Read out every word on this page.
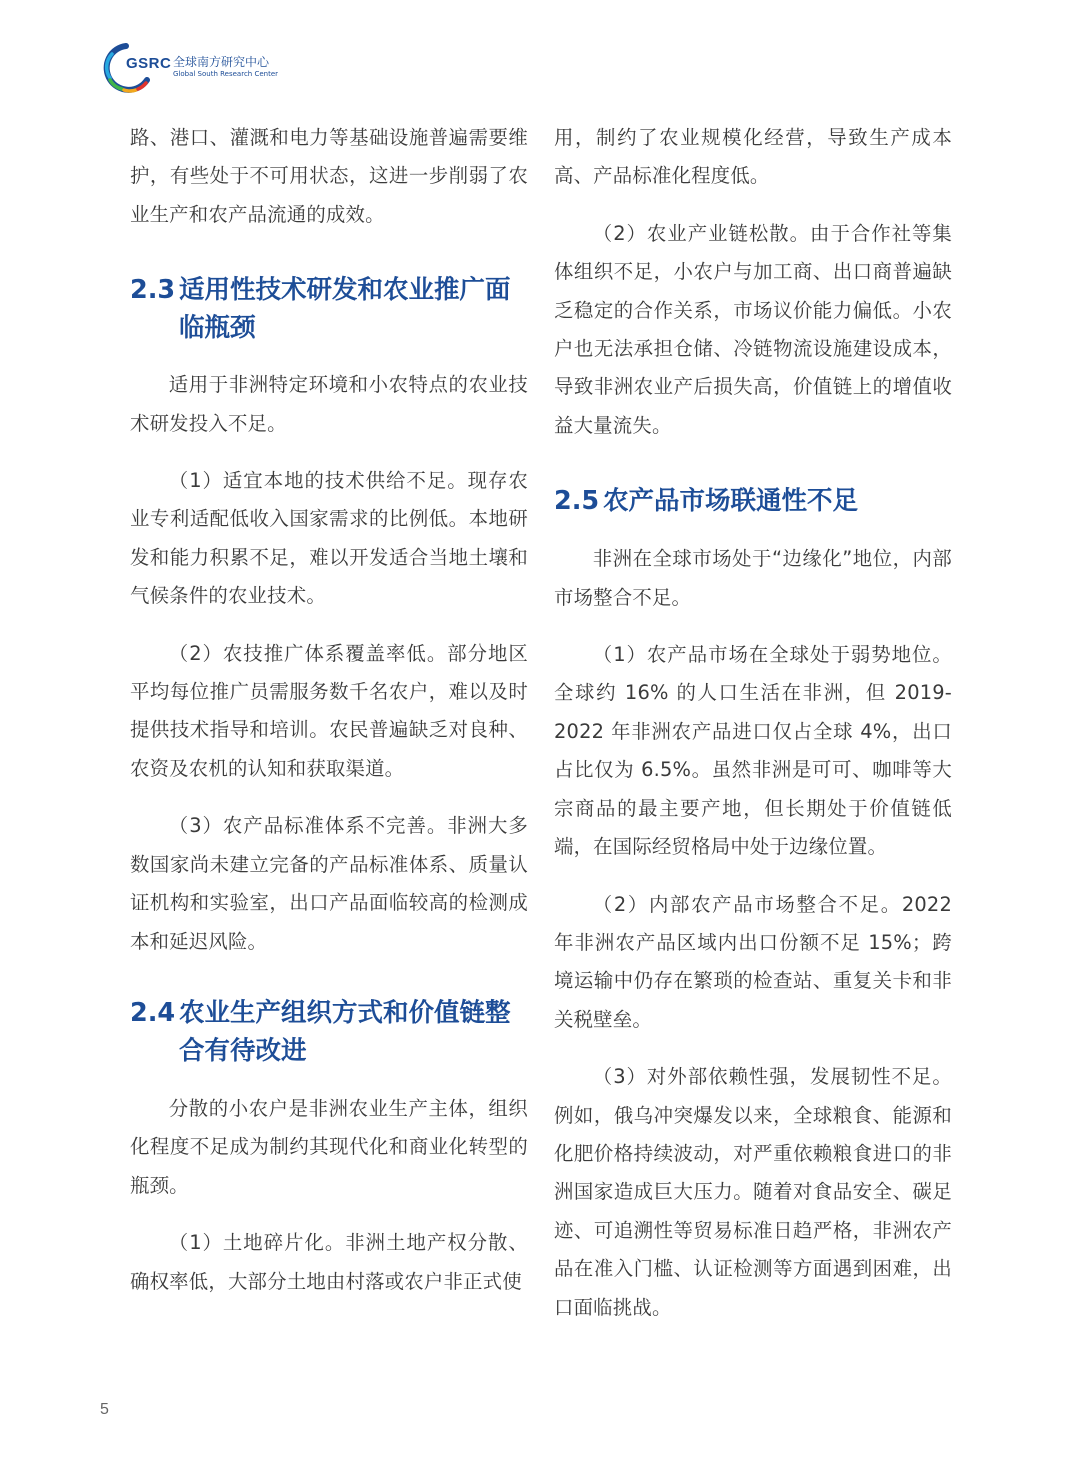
GSRC 全球南方研究中心
Global South Research Center

路、港口、灌溉和电力等基础设施普遍需要维护，有些处于不可用状态，这进一步削弱了农业生产和农产品流通的成效。

2.3 适用性技术研发和农业推广面临瓶颈

适用于非洲特定环境和小农特点的农业技术研发投入不足。

（1）适宜本地的技术供给不足。现存农业专利适配低收入国家需求的比例低。本地研发和能力积累不足，难以开发适合当地土壤和气候条件的农业技术。

（2）农技推广体系覆盖率低。部分地区平均每位推广员需服务数千名农户，难以及时提供技术指导和培训。农民普遍缺乏对良种、农资及农机的认知和获取渠道。

（3）农产品标准体系不完善。非洲大多数国家尚未建立完备的产品标准体系、质量认证机构和实验室，出口产品面临较高的检测成本和延迟风险。

2.4 农业生产组织方式和价值链整合有待改进

分散的小农户是非洲农业生产主体，组织化程度不足成为制约其现代化和商业化转型的瓶颈。

（1）土地碎片化。非洲土地产权分散、确权率低，大部分土地由村落或农户非正式使

用，制约了农业规模化经营，导致生产成本高、产品标准化程度低。

（2）农业产业链松散。由于合作社等集体组织不足，小农户与加工商、出口商普遍缺乏稳定的合作关系，市场议价能力偏低。小农户也无法承担仓储、冷链物流设施建设成本，导致非洲农业产后损失高，价值链上的增值收益大量流失。

2.5 农产品市场联通性不足

非洲在全球市场处于“边缘化”地位，内部市场整合不足。

（1）农产品市场在全球处于弱势地位。全球约 16% 的人口生活在非洲，但 2019-2022 年非洲农产品进口仅占全球 4%，出口占比仅为 6.5%。虽然非洲是可可、咖啡等大宗商品的最主要产地，但长期处于价值链低端，在国际经贸格局中处于边缘位置。

（2）内部农产品市场整合不足。2022 年非洲农产品区域内出口份额不足 15%；跨境运输中仍存在繁琐的检查站、重复关卡和非关税壁垒。

（3）对外部依赖性强，发展韧性不足。例如，俄乌冲突爆发以来，全球粮食、能源和化肥价格持续波动，对严重依赖粮食进口的非洲国家造成巨大压力。随着对食品安全、碳足迹、可追溯性等贸易标准日趋严格，非洲农产品在准入门槛、认证检测等方面遇到困难，出口面临挑战。

5
